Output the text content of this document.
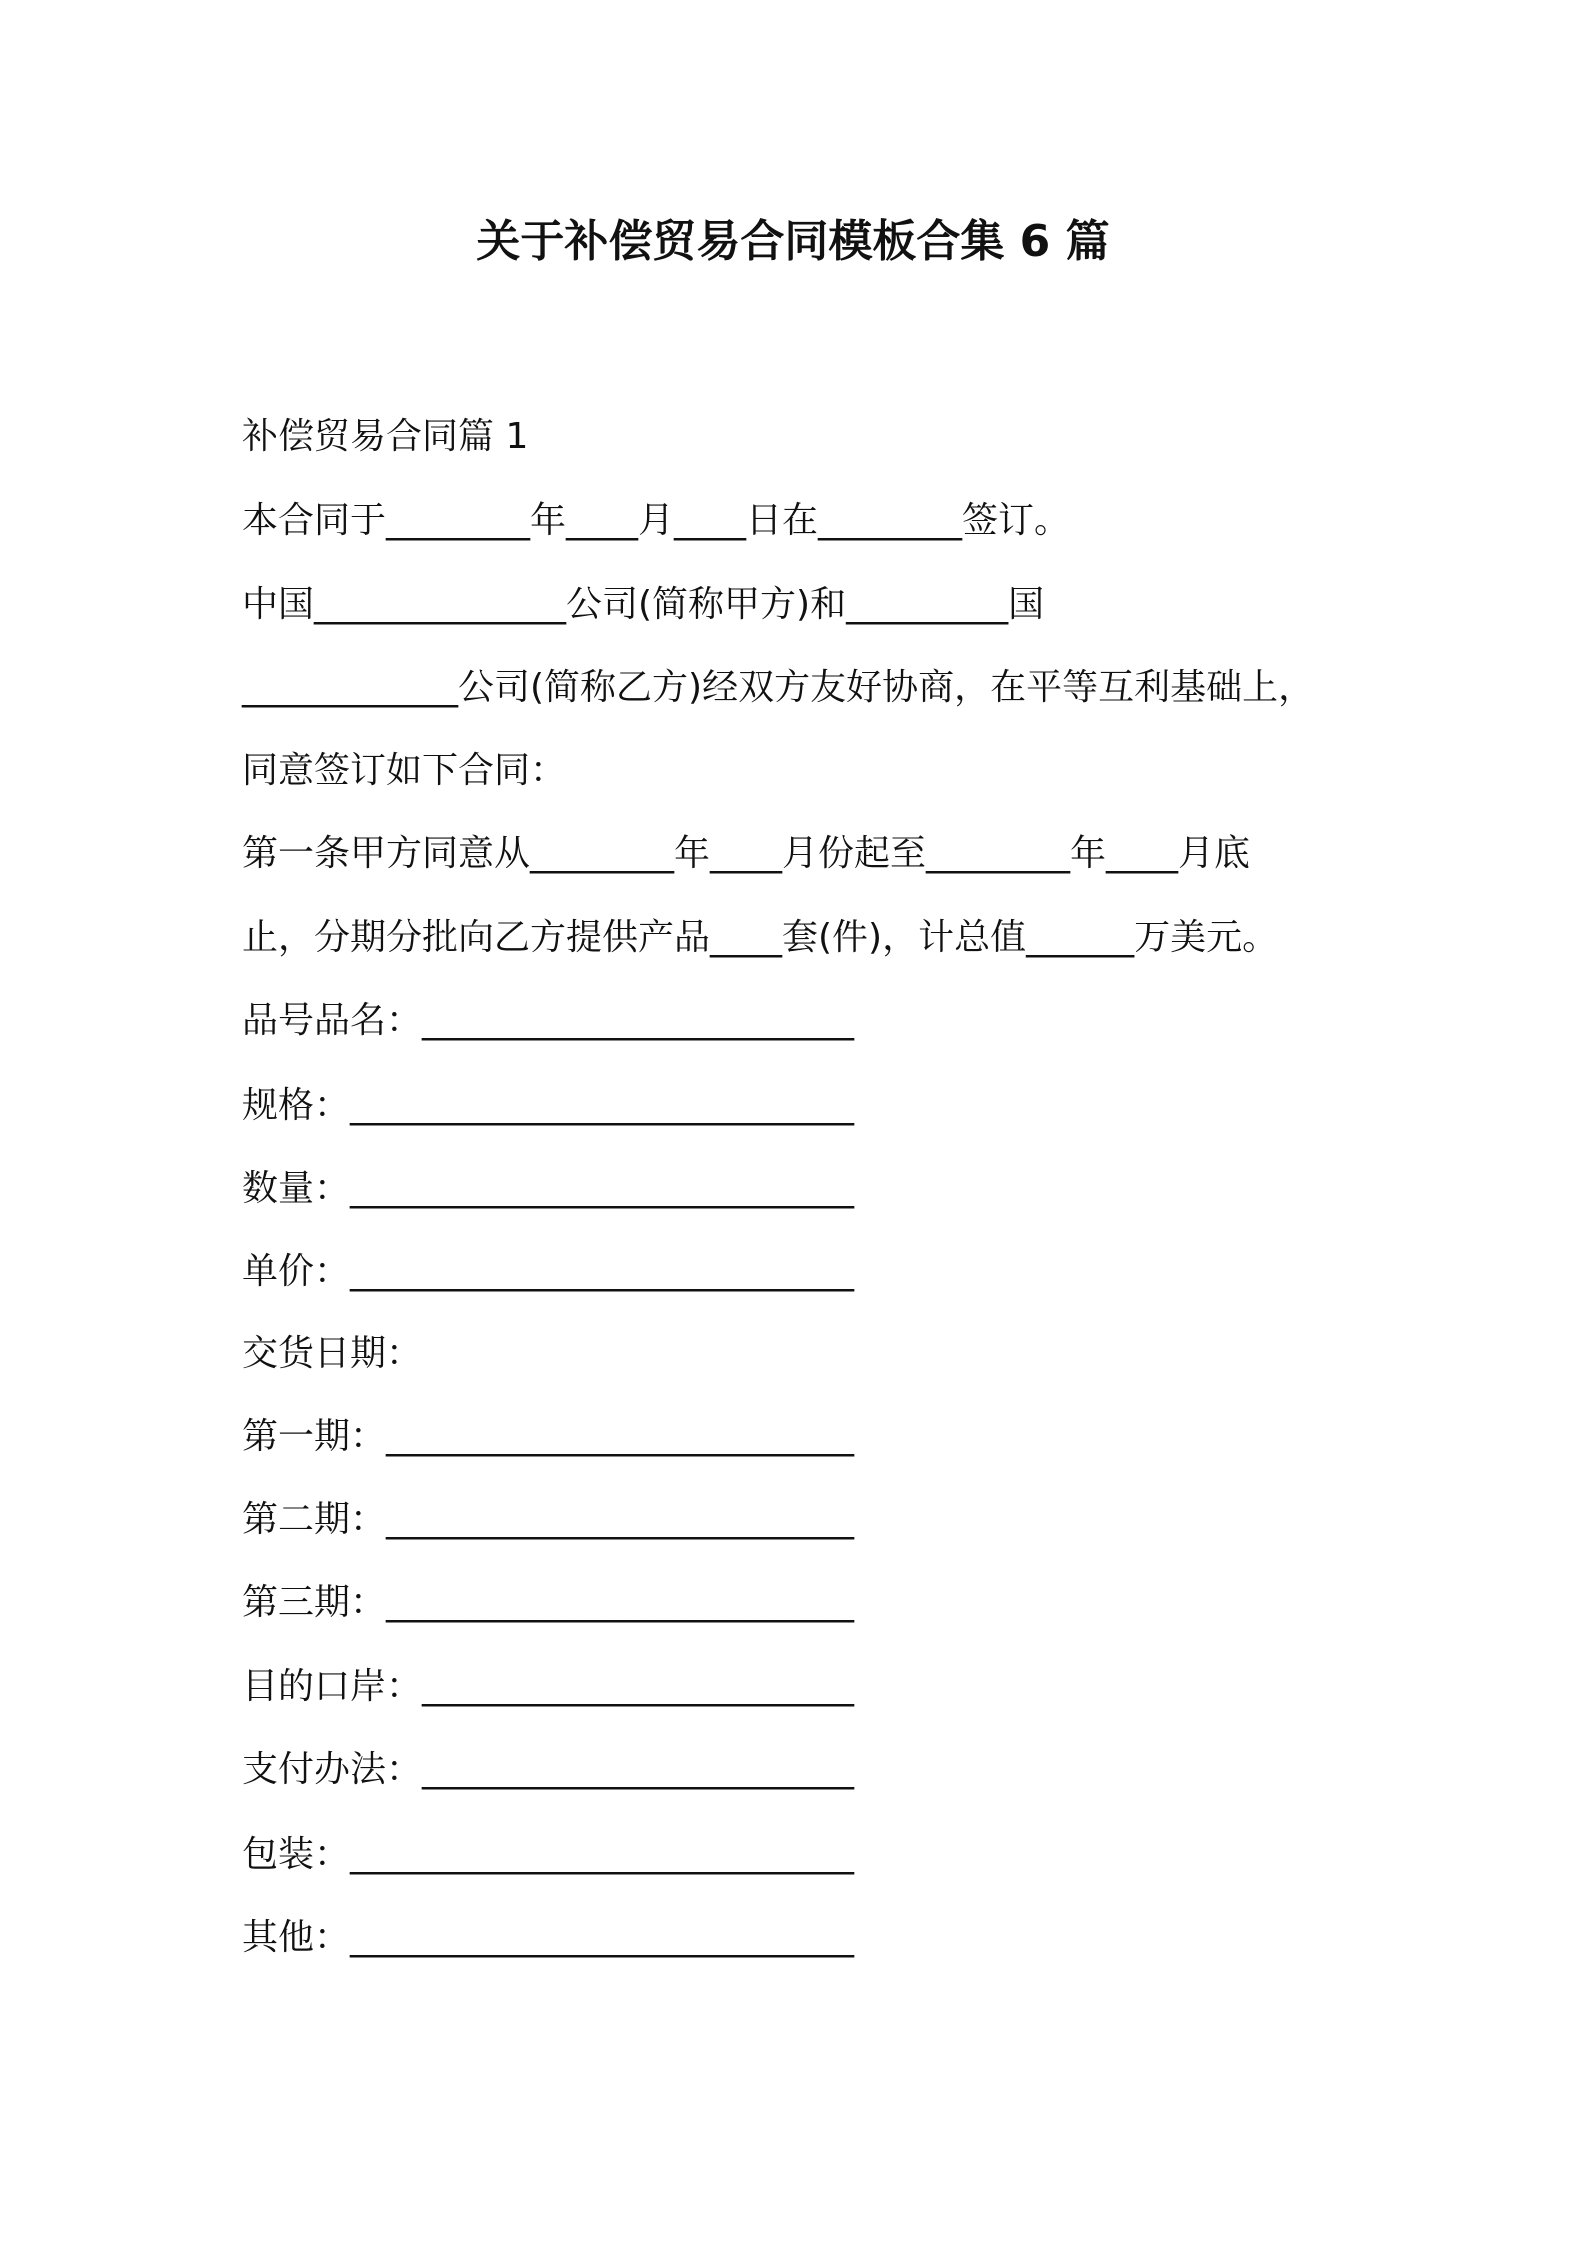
关于补偿贸易合同模板合集 6 篇
补偿贸易合同篇 1
本合同于________年____月____日在________签订。
中国______________公司(简称甲方)和_________国
____________公司(简称乙方)经双方友好协商，在平等互利基础上，
同意签订如下合同：
第一条甲方同意从________年____月份起至________年____月底
止，分期分批向乙方提供产品____套(件)，计总值______万美元。
品号品名：________________________
规格：____________________________
数量：____________________________
单价：____________________________
交货日期：
第一期：__________________________
第二期：__________________________
第三期：__________________________
目的口岸：________________________
支付办法：________________________
包装：____________________________
其他：____________________________
